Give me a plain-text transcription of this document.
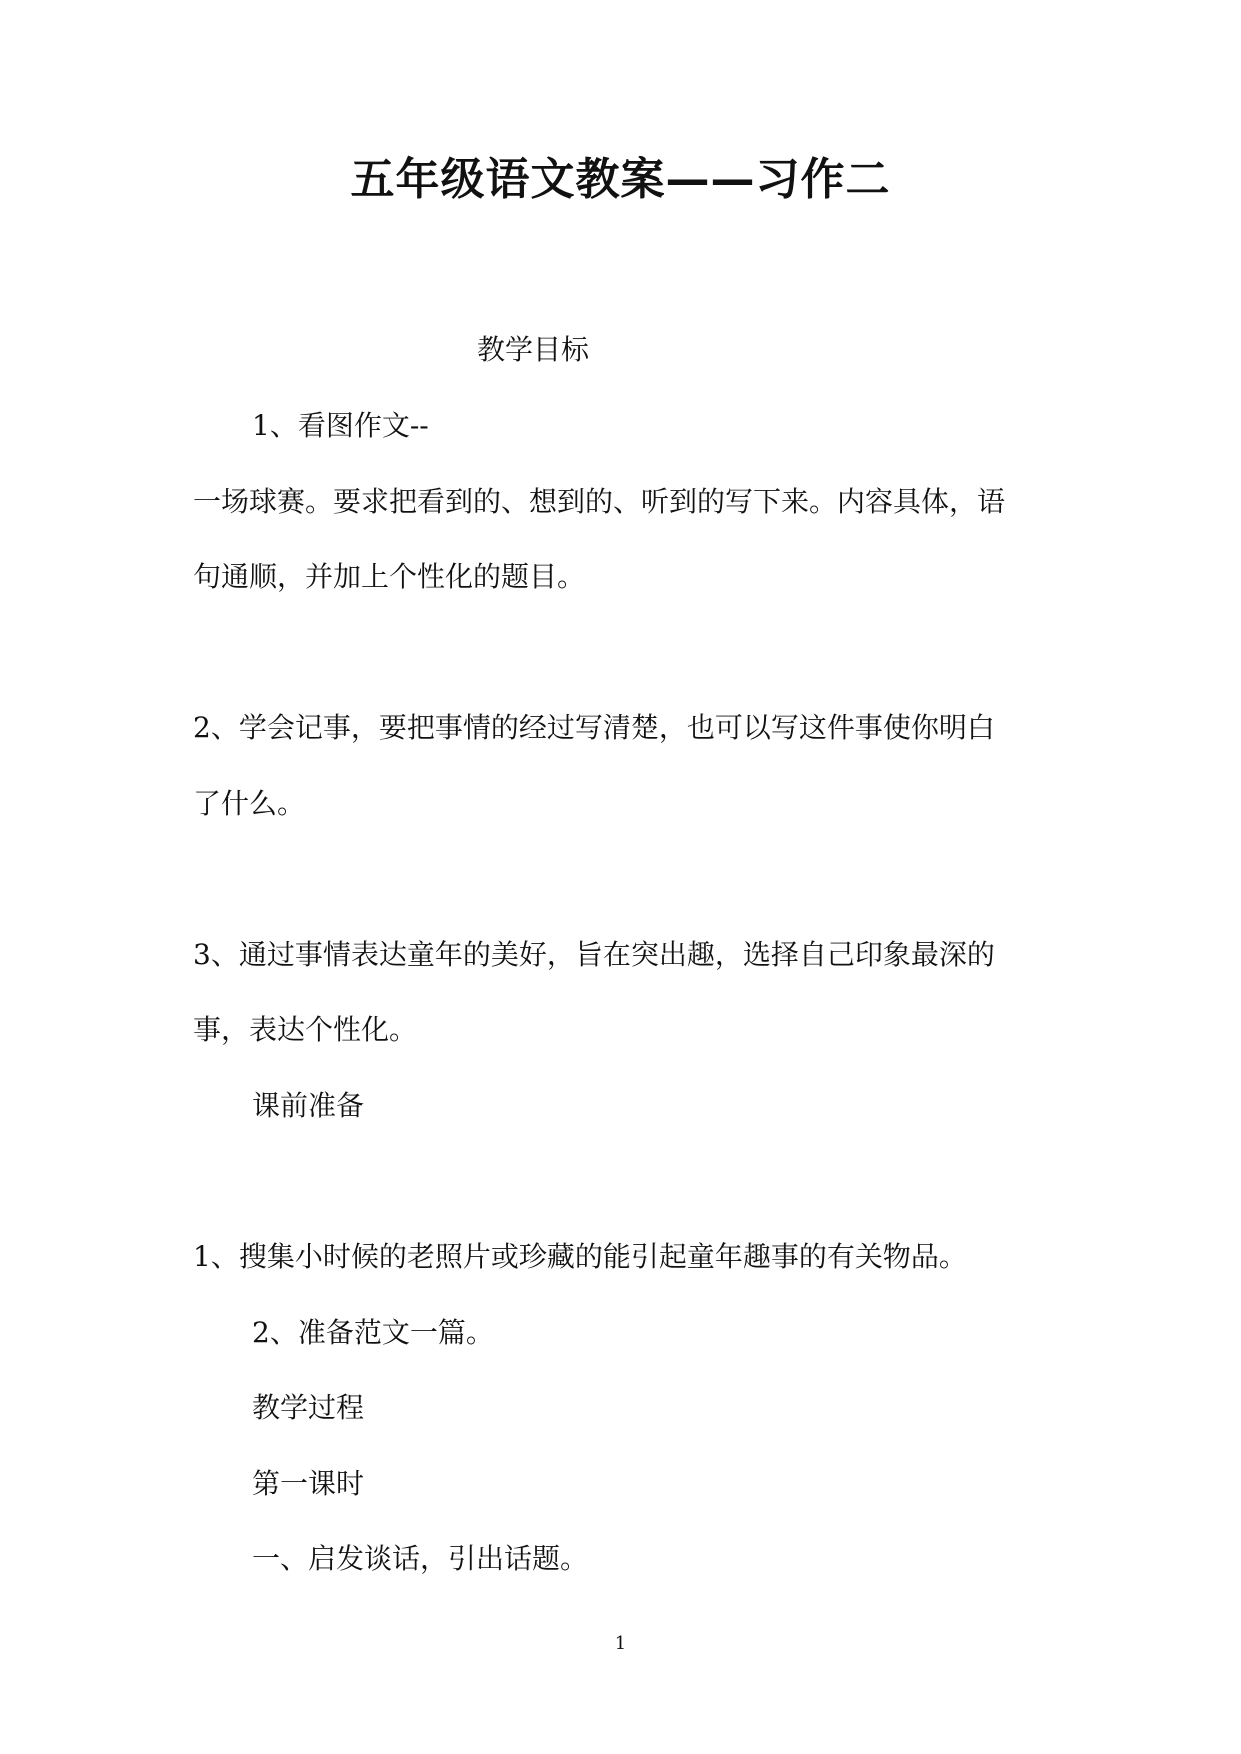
五年级语文教案——习作二
教学目标
1、看图作文--
一场球赛。要求把看到的、想到的、听到的写下来。内容具体，语
句通顺，并加上个性化的题目。
2、学会记事，要把事情的经过写清楚，也可以写这件事使你明白
了什么。
3、通过事情表达童年的美好，旨在突出趣，选择自己印象最深的
事，表达个性化。
课前准备
1、搜集小时候的老照片或珍藏的能引起童年趣事的有关物品。
2、准备范文一篇。
教学过程
第一课时
一、启发谈话，引出话题。
1
